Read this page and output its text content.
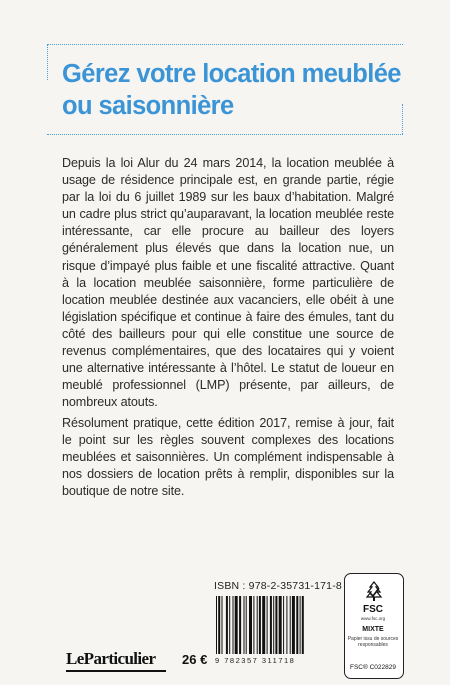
Gérez votre location meublée ou saisonnière

Depuis la loi Alur du 24 mars 2014, la location meublée à usage de résidence principale est, en grande partie, régie par la loi du 6 juillet 1989 sur les baux d’habitation. Malgré un cadre plus strict qu’auparavant, la location meublée reste intéressante, car elle procure au bailleur des loyers généralement plus élevés que dans la location nue, un risque d’impayé plus faible et une fiscalité attractive. Quant à la location meublée saisonnière, forme particulière de location meublée destinée aux vacanciers, elle obéit à une législation spécifique et continue à faire des émules, tant du côté des bailleurs pour qui elle constitue une source de revenus complémentaires, que des locataires qui y voient une alternative intéressante à l’hôtel. Le statut de loueur en meublé professionnel (LMP) présente, par ailleurs, de nombreux atouts.

Résolument pratique, cette édition 2017, remise à jour, fait le point sur les règles souvent complexes des locations meublées et saisonnières. Un complément indispensable à nos dossiers de location prêts à remplir, disponibles sur la boutique de notre site.

ISBN : 978-2-35731-171-8
9 782357 311718
FSC
www.fsc.org
MIXTE
Papier issu de sources responsables
FSC® C022829
LeParticulier 26 €
